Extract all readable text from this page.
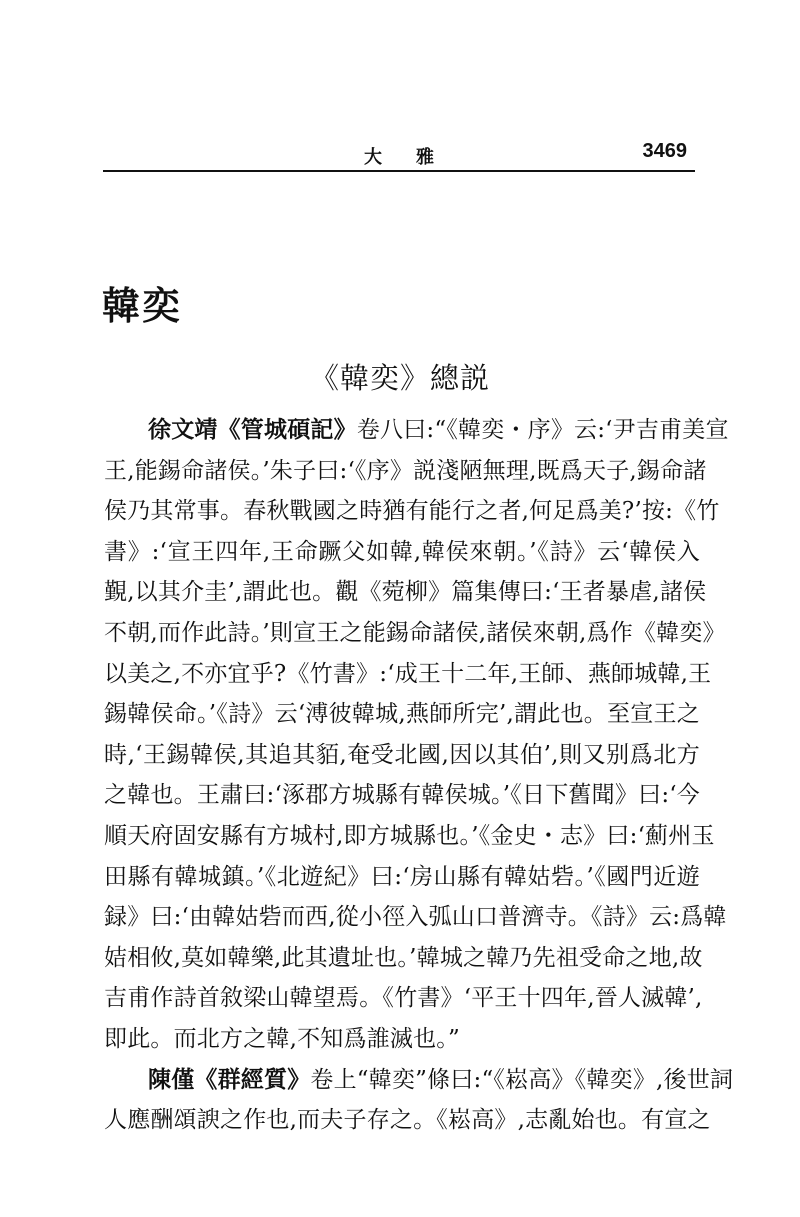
大雅	3469
韓奕
《韓奕》總説
徐文靖《管城碩記》卷八曰:“《韓奕・序》云:‘尹吉甫美宣
王,能錫命諸侯。’朱子曰:‘《序》説淺陋無理,既爲天子,錫命諸
侯乃其常事。春秋戰國之時猶有能行之者,何足爲美?’按:《竹
書》:‘宣王四年,王命蹶父如韓,韓侯來朝。’《詩》云‘韓侯入
覲,以其介圭’,謂此也。觀《菀柳》篇集傳曰:‘王者暴虐,諸侯
不朝,而作此詩。’則宣王之能錫命諸侯,諸侯來朝,爲作《韓奕》
以美之,不亦宜乎?《竹書》:‘成王十二年,王師、燕師城韓,王
錫韓侯命。’《詩》云‘溥彼韓城,燕師所完’,謂此也。至宣王之
時,‘王錫韓侯,其追其貊,奄受北國,因以其伯’,則又别爲北方
之韓也。王肅曰:‘涿郡方城縣有韓侯城。’《日下舊聞》曰:‘今
順天府固安縣有方城村,即方城縣也。’《金史・志》曰:‘薊州玉
田縣有韓城鎮。’《北遊紀》曰:‘房山縣有韓姑砦。’《國門近遊
録》曰:‘由韓姑砦而西,從小徑入弧山口普濟寺。《詩》云:爲韓
姞相攸,莫如韓樂,此其遺址也。’韓城之韓乃先祖受命之地,故
吉甫作詩首敘梁山韓望焉。《竹書》‘平王十四年,晉人滅韓’,
即此。而北方之韓,不知爲誰滅也。”
陳僅《群經質》卷上“韓奕”條曰:“《崧高》《韓奕》,後世詞
人應酬頌諛之作也,而夫子存之。《崧高》,志亂始也。有宣之
